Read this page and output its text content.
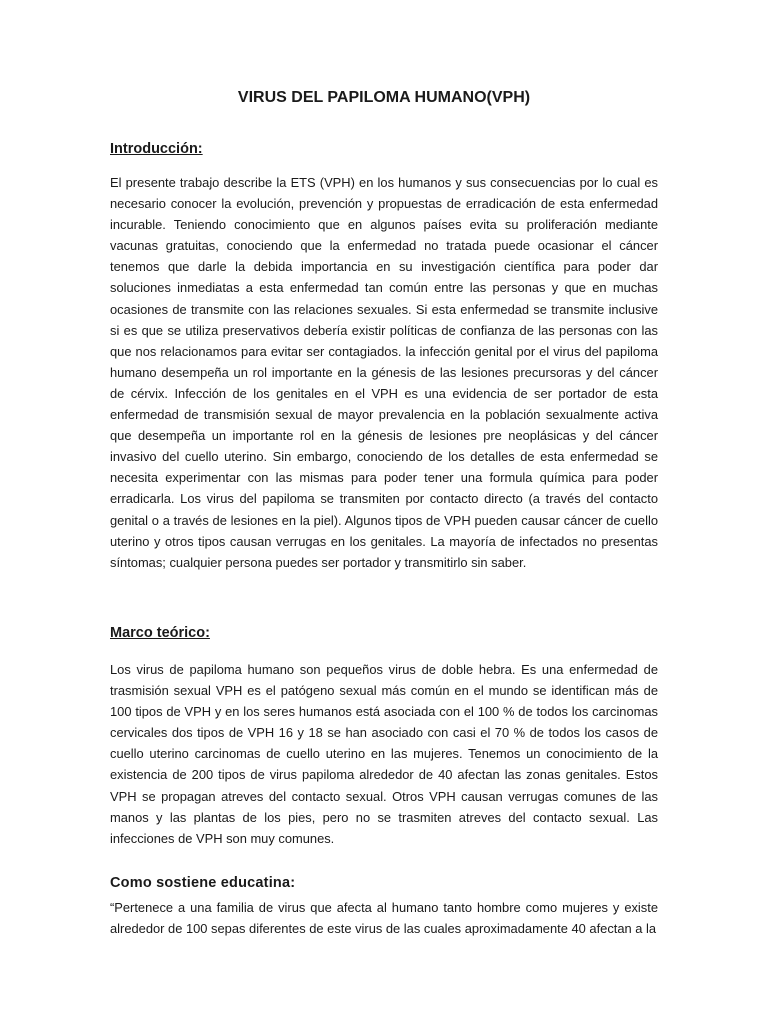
VIRUS DEL PAPILOMA HUMANO(VPH)
Introducción:

El presente trabajo describe la ETS (VPH) en los humanos y sus consecuencias por lo cual es necesario conocer la evolución, prevención y propuestas de erradicación de esta enfermedad incurable. Teniendo conocimiento que en algunos países evita su proliferación mediante vacunas gratuitas, conociendo que la enfermedad no tratada puede ocasionar el cáncer tenemos que darle la debida importancia en su investigación científica para poder dar soluciones inmediatas a esta enfermedad tan común entre las personas y que en muchas ocasiones de transmite con las relaciones sexuales. Si esta enfermedad se transmite inclusive si es que se utiliza preservativos debería existir políticas de confianza de las personas con las que nos relacionamos para evitar ser contagiados. la infección genital por el virus del papiloma humano desempeña un rol importante en la génesis de las lesiones precursoras y del cáncer de cérvix. Infección de los genitales en el VPH es una evidencia de ser portador de esta enfermedad de transmisión sexual de mayor prevalencia en la población sexualmente activa que desempeña un importante rol en la génesis de lesiones pre neoplásicas y del cáncer invasivo del cuello uterino. Sin embargo, conociendo de los detalles de esta enfermedad se necesita experimentar con las mismas para poder tener una formula química para poder erradicarla. Los virus del papiloma se transmiten por contacto directo (a través del contacto genital o a través de lesiones en la piel). Algunos tipos de VPH pueden causar cáncer de cuello uterino y otros tipos causan verrugas en los genitales. La mayoría de infectados no presentas síntomas; cualquier persona puedes ser portador y transmitirlo sin saber.

Marco teórico:

Los virus de papiloma humano son pequeños virus de doble hebra. Es una enfermedad de trasmisión sexual VPH es el patógeno sexual más común en el mundo se identifican más de 100 tipos de VPH y en los seres humanos está asociada con el 100 % de todos los carcinomas cervicales dos tipos de VPH 16 y 18 se han asociado con casi el 70 % de todos los casos de cuello uterino carcinomas de cuello uterino en las mujeres. Tenemos un conocimiento de la existencia de 200 tipos de virus papiloma alrededor de 40 afectan las zonas genitales. Estos VPH se propagan atreves del contacto sexual. Otros VPH causan verrugas comunes de las manos y las plantas de los pies, pero no se trasmiten atreves del contacto sexual. Las infecciones de VPH son muy comunes.

Como sostiene educatina:

“Pertenece a una familia de virus que afecta al humano tanto hombre como mujeres y existe alrededor de 100 sepas diferentes de este virus de las cuales aproximadamente 40 afectan a la
